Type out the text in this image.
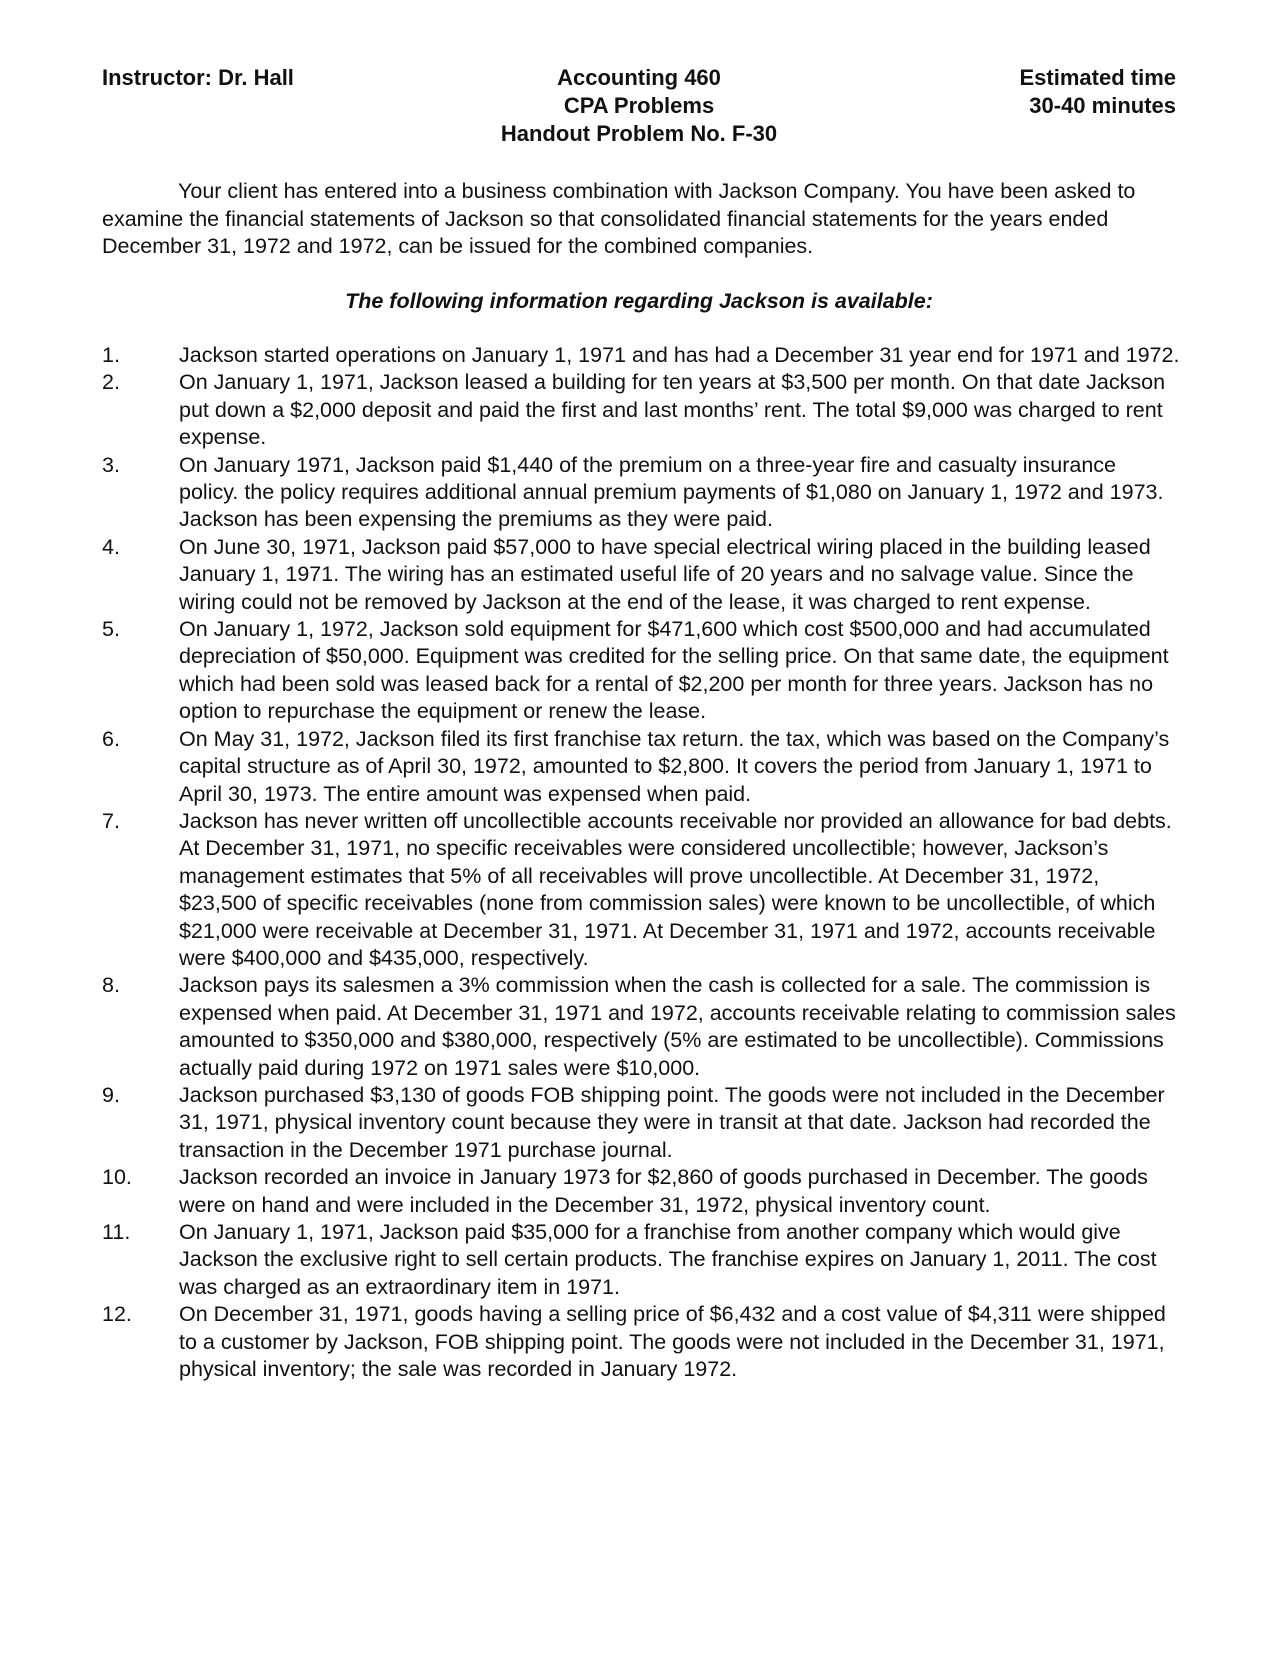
Instructor: Dr. Hall	Accounting 460
CPA Problems
Handout Problem No. F-30
Estimated time
30-40 minutes

Your client has entered into a business combination with Jackson Company. You have been asked to examine the financial statements of Jackson so that consolidated financial statements for the years ended December 31, 1972 and 1972, can be issued for the combined companies.

The following information regarding Jackson is available:
1.	Jackson started operations on January 1, 1971 and has had a December 31 year end for 1971 and 1972.
2.	On January 1, 1971, Jackson leased a building for ten years at $3,500 per month. On that date Jackson put down a $2,000 deposit and paid the first and last months’ rent. The total $9,000 was charged to rent expense.
3.	On January 1971, Jackson paid $1,440 of the premium on a three-year fire and casualty insurance policy. the policy requires additional annual premium payments of $1,080 on January 1, 1972 and 1973. Jackson has been expensing the premiums as they were paid.
4.	On June 30, 1971, Jackson paid $57,000 to have special electrical wiring placed in the building leased January 1, 1971. The wiring has an estimated useful life of 20 years and no salvage value. Since the wiring could not be removed by Jackson at the end of the lease, it was charged to rent expense.
5.	On January 1, 1972, Jackson sold equipment for $471,600 which cost $500,000 and had accumulated depreciation of $50,000. Equipment was credited for the selling price. On that same date, the equipment which had been sold was leased back for a rental of $2,200 per month for three years. Jackson has no option to repurchase the equipment or renew the lease.
6.	On May 31, 1972, Jackson filed its first franchise tax return. the tax, which was based on the Company’s capital structure as of April 30, 1972, amounted to $2,800. It covers the period from January 1, 1971 to April 30, 1973. The entire amount was expensed when paid.
7.	Jackson has never written off uncollectible accounts receivable nor provided an allowance for bad debts. At December 31, 1971, no specific receivables were considered uncollectible; however, Jackson’s management estimates that 5% of all receivables will prove uncollectible. At December 31, 1972, $23,500 of specific receivables (none from commission sales) were known to be uncollectible, of which $21,000 were receivable at December 31, 1971. At December 31, 1971 and 1972, accounts receivable were $400,000 and $435,000, respectively.
8.	Jackson pays its salesmen a 3% commission when the cash is collected for a sale. The commission is expensed when paid. At December 31, 1971 and 1972, accounts receivable relating to commission sales amounted to $350,000 and $380,000, respectively (5% are estimated to be uncollectible). Commissions actually paid during 1972 on 1971 sales were $10,000.
9.	Jackson purchased $3,130 of goods FOB shipping point. The goods were not included in the December 31, 1971, physical inventory count because they were in transit at that date. Jackson had recorded the transaction in the December 1971 purchase journal.
10. Jackson recorded an invoice in January 1973 for $2,860 of goods purchased in December. The goods were on hand and were included in the December 31, 1972, physical inventory count.
11. On January 1, 1971, Jackson paid $35,000 for a franchise from another company which would give Jackson the exclusive right to sell certain products. The franchise expires on January 1, 2011. The cost was charged as an extraordinary item in 1971.
12. On December 31, 1971, goods having a selling price of $6,432 and a cost value of $4,311 were shipped to a customer by Jackson, FOB shipping point. The goods were not included in the December 31, 1971, physical inventory; the sale was recorded in January 1972.
